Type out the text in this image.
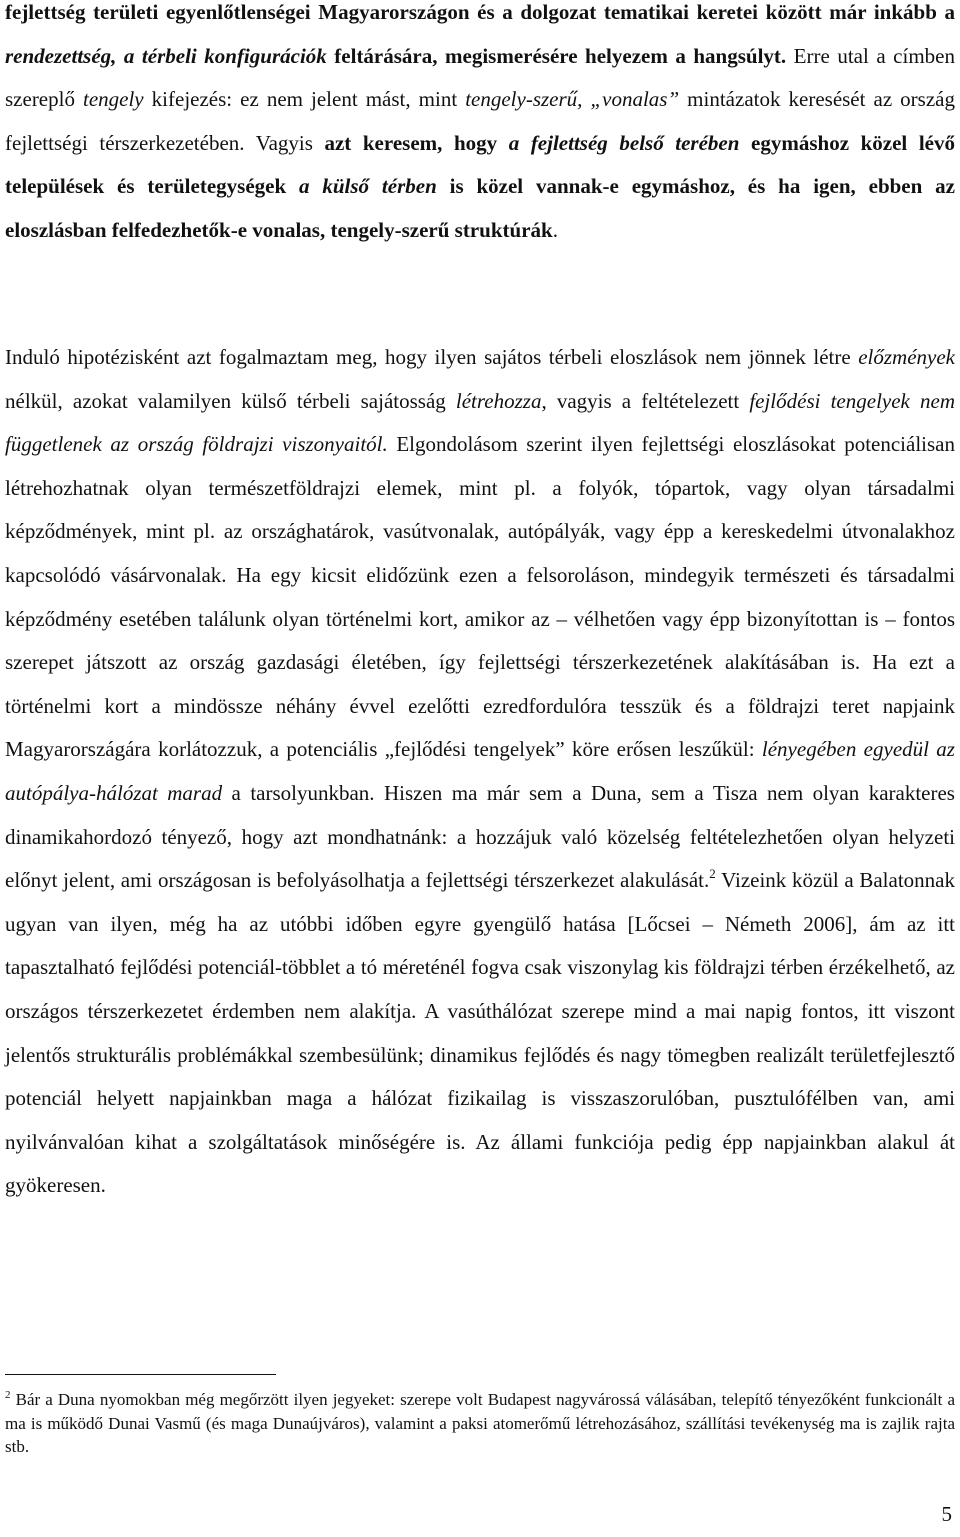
fejlettség területi egyenlőtlenségei Magyarországon és a dolgozat tematikai keretei között már inkább a rendezettség, a térbeli konfigurációk feltárására, megismerésére helyezem a hangsúlyt. Erre utal a címben szereplő tengely kifejezés: ez nem jelent mást, mint tengely-szerű, „vonalas” mintázatok keresését az ország fejlettségi térszerkezetében. Vagyis azt keresem, hogy a fejlettség belső terében egymáshoz közel lévő települések és területegységek a külső térben is közel vannak-e egymáshoz, és ha igen, ebben az eloszlásban felfedezhetők-e vonalas, tengely-szerű struktúrák.

Induló hipotézisként azt fogalmaztam meg, hogy ilyen sajátos térbeli eloszlások nem jönnek létre előzmények nélkül, azokat valamilyen külső térbeli sajátosság létrehozza, vagyis a feltételezett fejlődési tengelyek nem függetlenek az ország földrajzi viszonyaitól. Elgondolásom szerint ilyen fejlettségi eloszlásokat potenciálisan létrehozhatnak olyan természetföldrajzi elemek, mint pl. a folyók, tópartok, vagy olyan társadalmi képződmények, mint pl. az országhatárok, vasútvonalak, autópályák, vagy épp a kereskedelmi útvonalakhoz kapcsolódó vásárvonalak. Ha egy kicsit elidőzünk ezen a felsoroláson, mindegyik természeti és társadalmi képződmény esetében találunk olyan történelmi kort, amikor az – vélhetően vagy épp bizonyítottan is – fontos szerepet játszott az ország gazdasági életében, így fejlettségi térszerkezetének alakításában is. Ha ezt a történelmi kort a mindössze néhány évvel ezelőtti ezredfordulóra tesszük és a földrajzi teret napjaink Magyarországára korlátozzuk, a potenciális „fejlődési tengelyek” köre erősen leszűkül: lényegében egyedül az autópálya-hálózat marad a tarsolyunkban. Hiszen ma már sem a Duna, sem a Tisza nem olyan karakteres dinamikahordozó tényező, hogy azt mondhatnánk: a hozzájuk való közelség feltételezhetően olyan helyzeti előnyt jelent, ami országosan is befolyásolhatja a fejlettségi térszerkezet alakulását.$^2$ Vizeink közül a Balatonnak ugyan van ilyen, még ha az utóbbi időben egyre gyengülő hatása [Lőcsei – Németh 2006], ám az itt tapasztalható fejlődési potenciál-többlet a tó méreténél fogva csak viszonylag kis földrajzi térben érzékelhető, az országos térszerkezetet érdemben nem alakítja. A vasúthálózat szerepe mind a mai napig fontos, itt viszont jelentős strukturális problémákkal szembesülünk; dinamikus fejlődés és nagy tömegben realizált területfejlesztő potenciál helyett napjainkban maga a hálózat fizikailag is visszaszorulóban, pusztulófélben van, ami nyilvánvalóan kihat a szolgáltatások minőségére is. Az állami funkciója pedig épp napjainkban alakul át gyökeresen.

$^2$ Bár a Duna nyomokban még megőrzött ilyen jegyeket: szerepe volt Budapest nagyvárossá válásában, telepítő tényezőként funkcionált a ma is működő Dunai Vasmű (és maga Dunaújváros), valamint a paksi atomerőmű létrehozásához, szállítási tevékenység ma is zajlik rajta stb.

5
